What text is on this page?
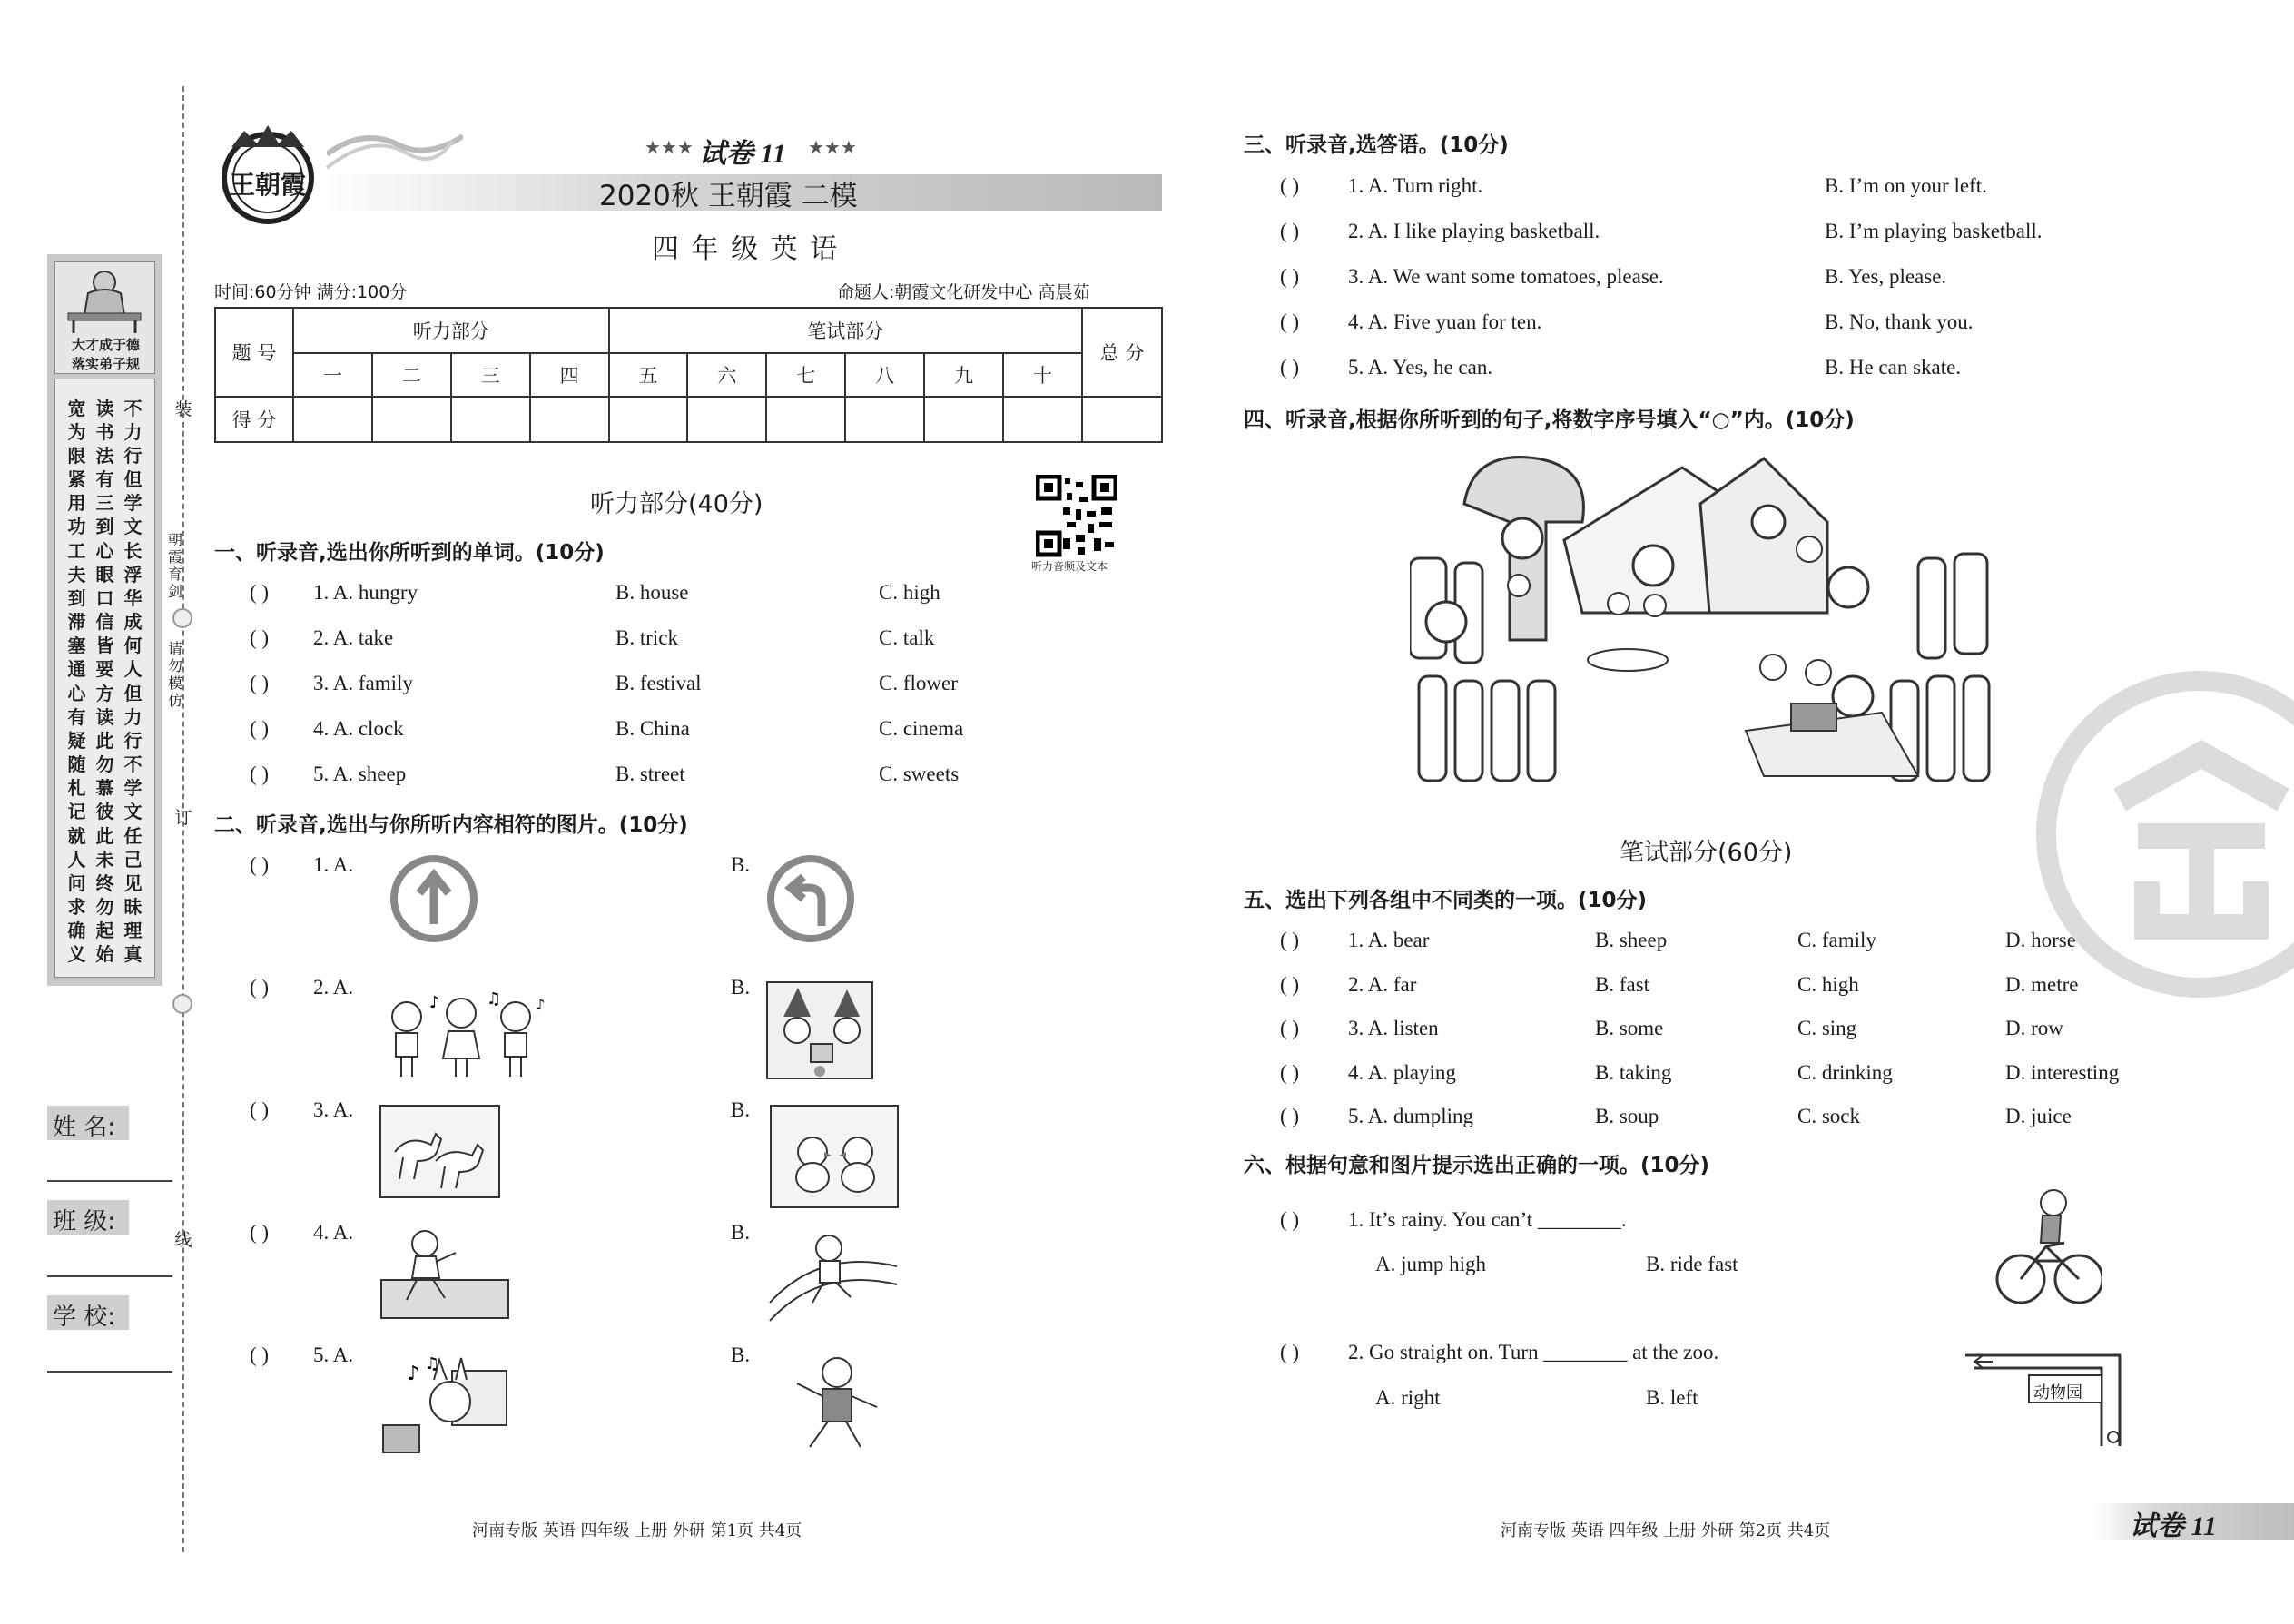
大才成于德
落实弟子规
宽为限紧用功
读书法有三到
不力行但学文
工夫到滞塞通
心眼口信皆要
长浮华成何人
心有疑随札记
方读此勿慕彼
但力行不学文
就人问求确义
此未终勿起始
任己见昧理真
装
订
线
朝霞育剑
请勿模仿
姓 名:
班 级:
学 校:
王朝霞
★★★ 试卷 11 ★★★
2020秋 王朝霞 二模
四 年 级 英 语
时间:60分钟 满分:100分	命题人:朝霞文化研发中心 高晨茹
题 号	听力部分				笔试部分						总 分
	一	二	三	四	五	六	七	八	九	十	
得 分											
听力部分(40分)
听力音频及文本
一、听录音,选出你所听到的单词。(10分)
( ) 1. A. hungry	B. house	C. high
( ) 2. A. take	B. trick	C. talk
( ) 3. A. family	B. festival	C. flower
( ) 4. A. clock	B. China	C. cinema
( ) 5. A. sheep	B. street	C. sweets
二、听录音,选出与你所听内容相符的图片。(10分)
( ) 1. A.	B.
( ) 2. A.	B.
( ) 3. A.	B.
( ) 4. A.	B.
( ) 5. A.	B.
♪	♫ ♪
♪ ♫
三、听录音,选答语。(10分)
( ) 1. A. Turn right.	B. I’m on your left.
( ) 2. A. I like playing basketball.	B. I’m playing basketball.
( ) 3. A. We want some tomatoes, please.	B. Yes, please.
( ) 4. A. Five yuan for ten.	B. No, thank you.
( ) 5. A. Yes, he can.	B. He can skate.
四、听录音,根据你所听到的句子,将数字序号填入“○”内。(10分)
笔试部分(60分)
五、选出下列各组中不同类的一项。(10分)
( ) 1. A. bear	B. sheep	C. family	D. horse
( ) 2. A. far	B. fast	C. high	D. metre
( ) 3. A. listen	B. some	C. sing	D. row
( ) 4. A. playing	B. taking	C. drinking	D. interesting
( ) 5. A. dumpling	B. soup	C. sock	D. juice
六、根据句意和图片提示选出正确的一项。(10分)
( ) 1. It’s rainy. You can’t ________.
A. jump high	B. ride fast
( ) 2. Go straight on. Turn ________ at the zoo.
A. right	B. left	动物园
河南专版 英语 四年级 上册 外研 第1页 共4页	河南专版 英语 四年级 上册 外研 第2页 共4页	试卷 11
